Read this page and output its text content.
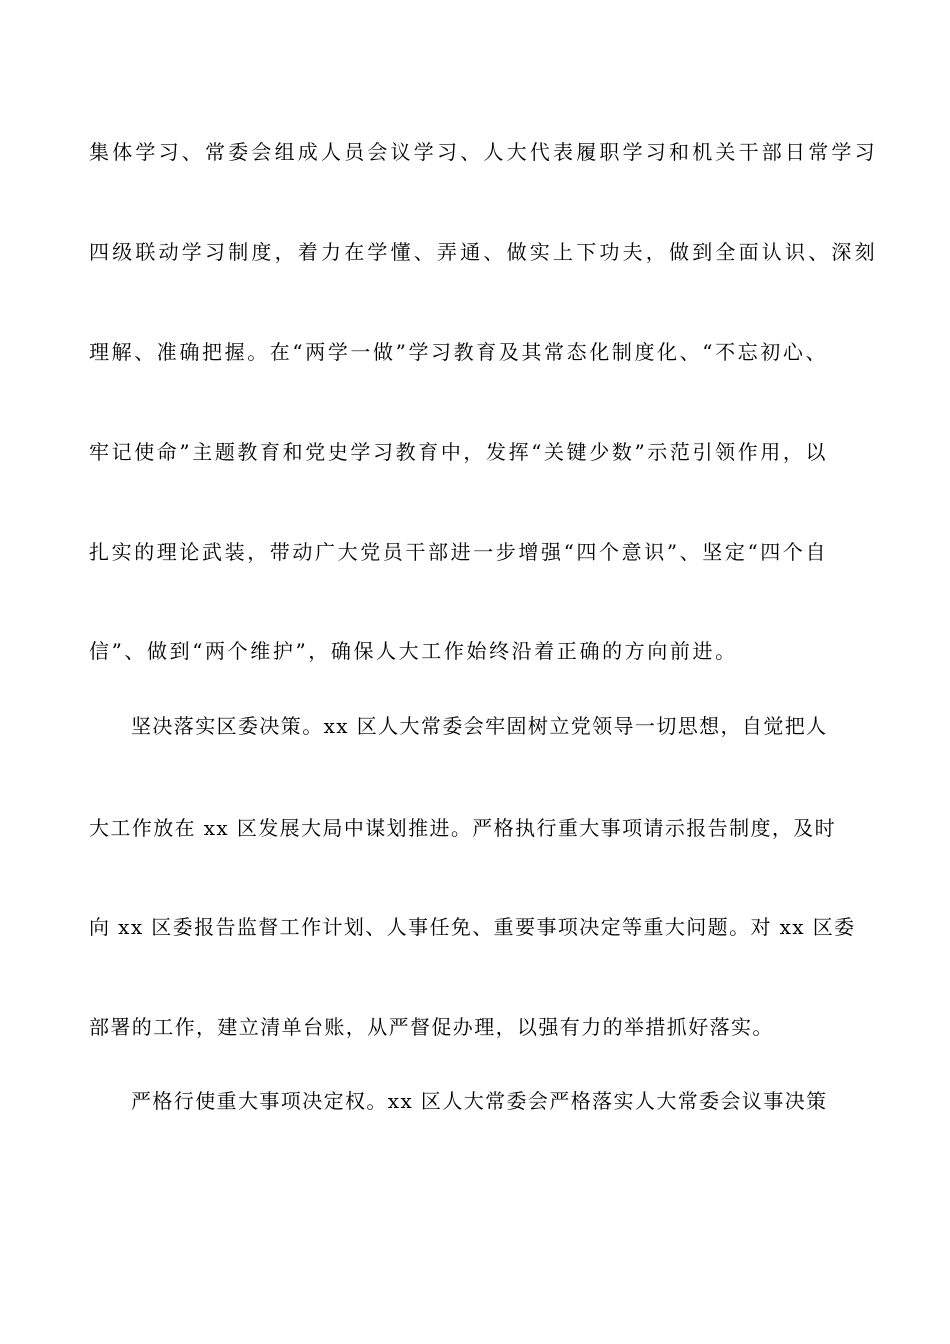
集体学习、常委会组成人员会议学习、人大代表履职学习和机关干部日常学习
四级联动学习制度，着力在学懂、弄通、做实上下功夫，做到全面认识、深刻
理解、准确把握。在“两学一做”学习教育及其常态化制度化、“不忘初心、
牢记使命”主题教育和党史学习教育中，发挥“关键少数”示范引领作用，以
扎实的理论武装，带动广大党员干部进一步增强“四个意识”、坚定“四个自
信”、做到“两个维护”，确保人大工作始终沿着正确的方向前进。
坚决落实区委决策。xx 区人大常委会牢固树立党领导一切思想，自觉把人
大工作放在 xx 区发展大局中谋划推进。严格执行重大事项请示报告制度，及时
向 xx 区委报告监督工作计划、人事任免、重要事项决定等重大问题。对 xx 区委
部署的工作，建立清单台账，从严督促办理，以强有力的举措抓好落实。
严格行使重大事项决定权。xx 区人大常委会严格落实人大常委会议事决策
